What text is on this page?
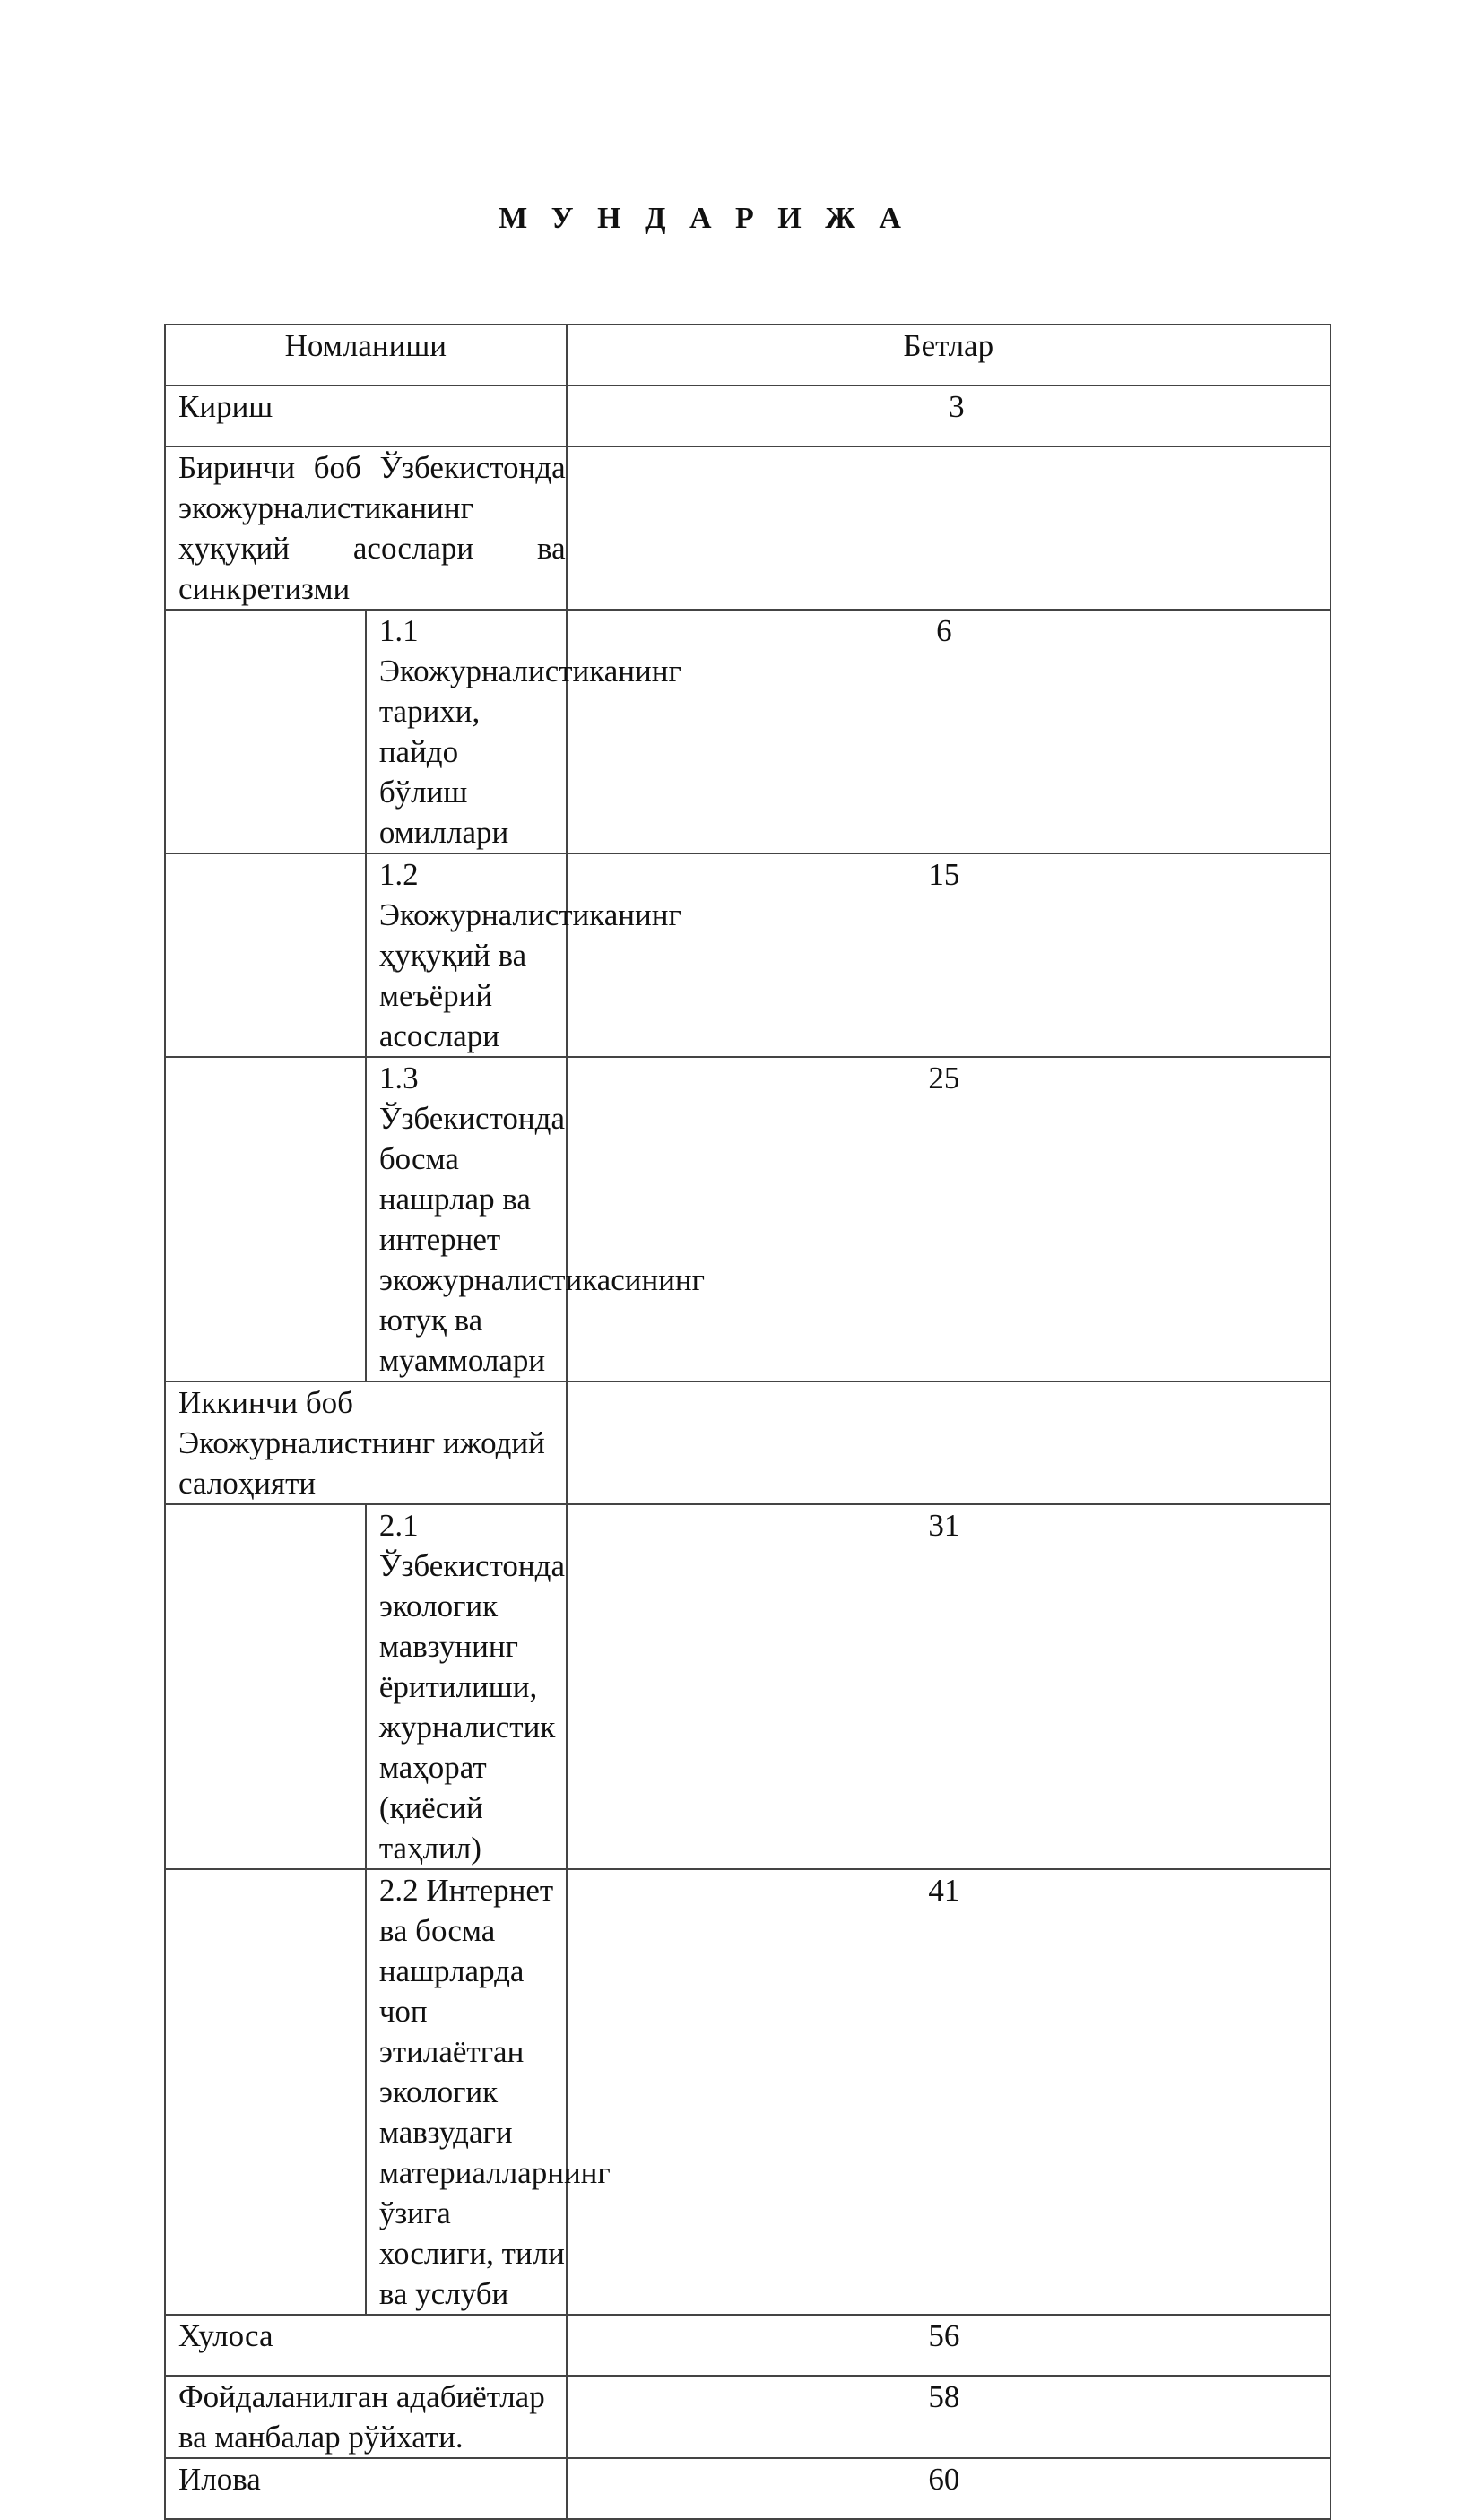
М У Н Д А Р И Ж А
Номланиши		Бетлар

Кириш		3

Биринчи боб Ўзбекистонда экожурналистиканинг ҳуқуқий асослари ва синкретизми		

	1.1 Экожурналистиканинг тарихи, пайдо бўлиш омиллари	6

	1.2 Экожурналистиканинг ҳуқуқий ва меъёрий асослари	15

	1.3 Ўзбекистонда босма нашрлар ва интернет экожурналистикасининг ютуқ ва муаммолари	25

Иккинчи боб Экожурналистнинг ижодий салоҳияти		

	2.1 Ўзбекистонда экологик мавзунинг ёритилиши, журналистик маҳорат (қиёсий таҳлил)	31

	2.2 Интернет ва босма нашрларда чоп этилаётган экологик мавзудаги материалларнинг ўзига хослиги, тили ва услуби	41

Хулоса		56

Фойдаланилган адабиётлар ва манбалар рўйхати.		58

Илова		60
